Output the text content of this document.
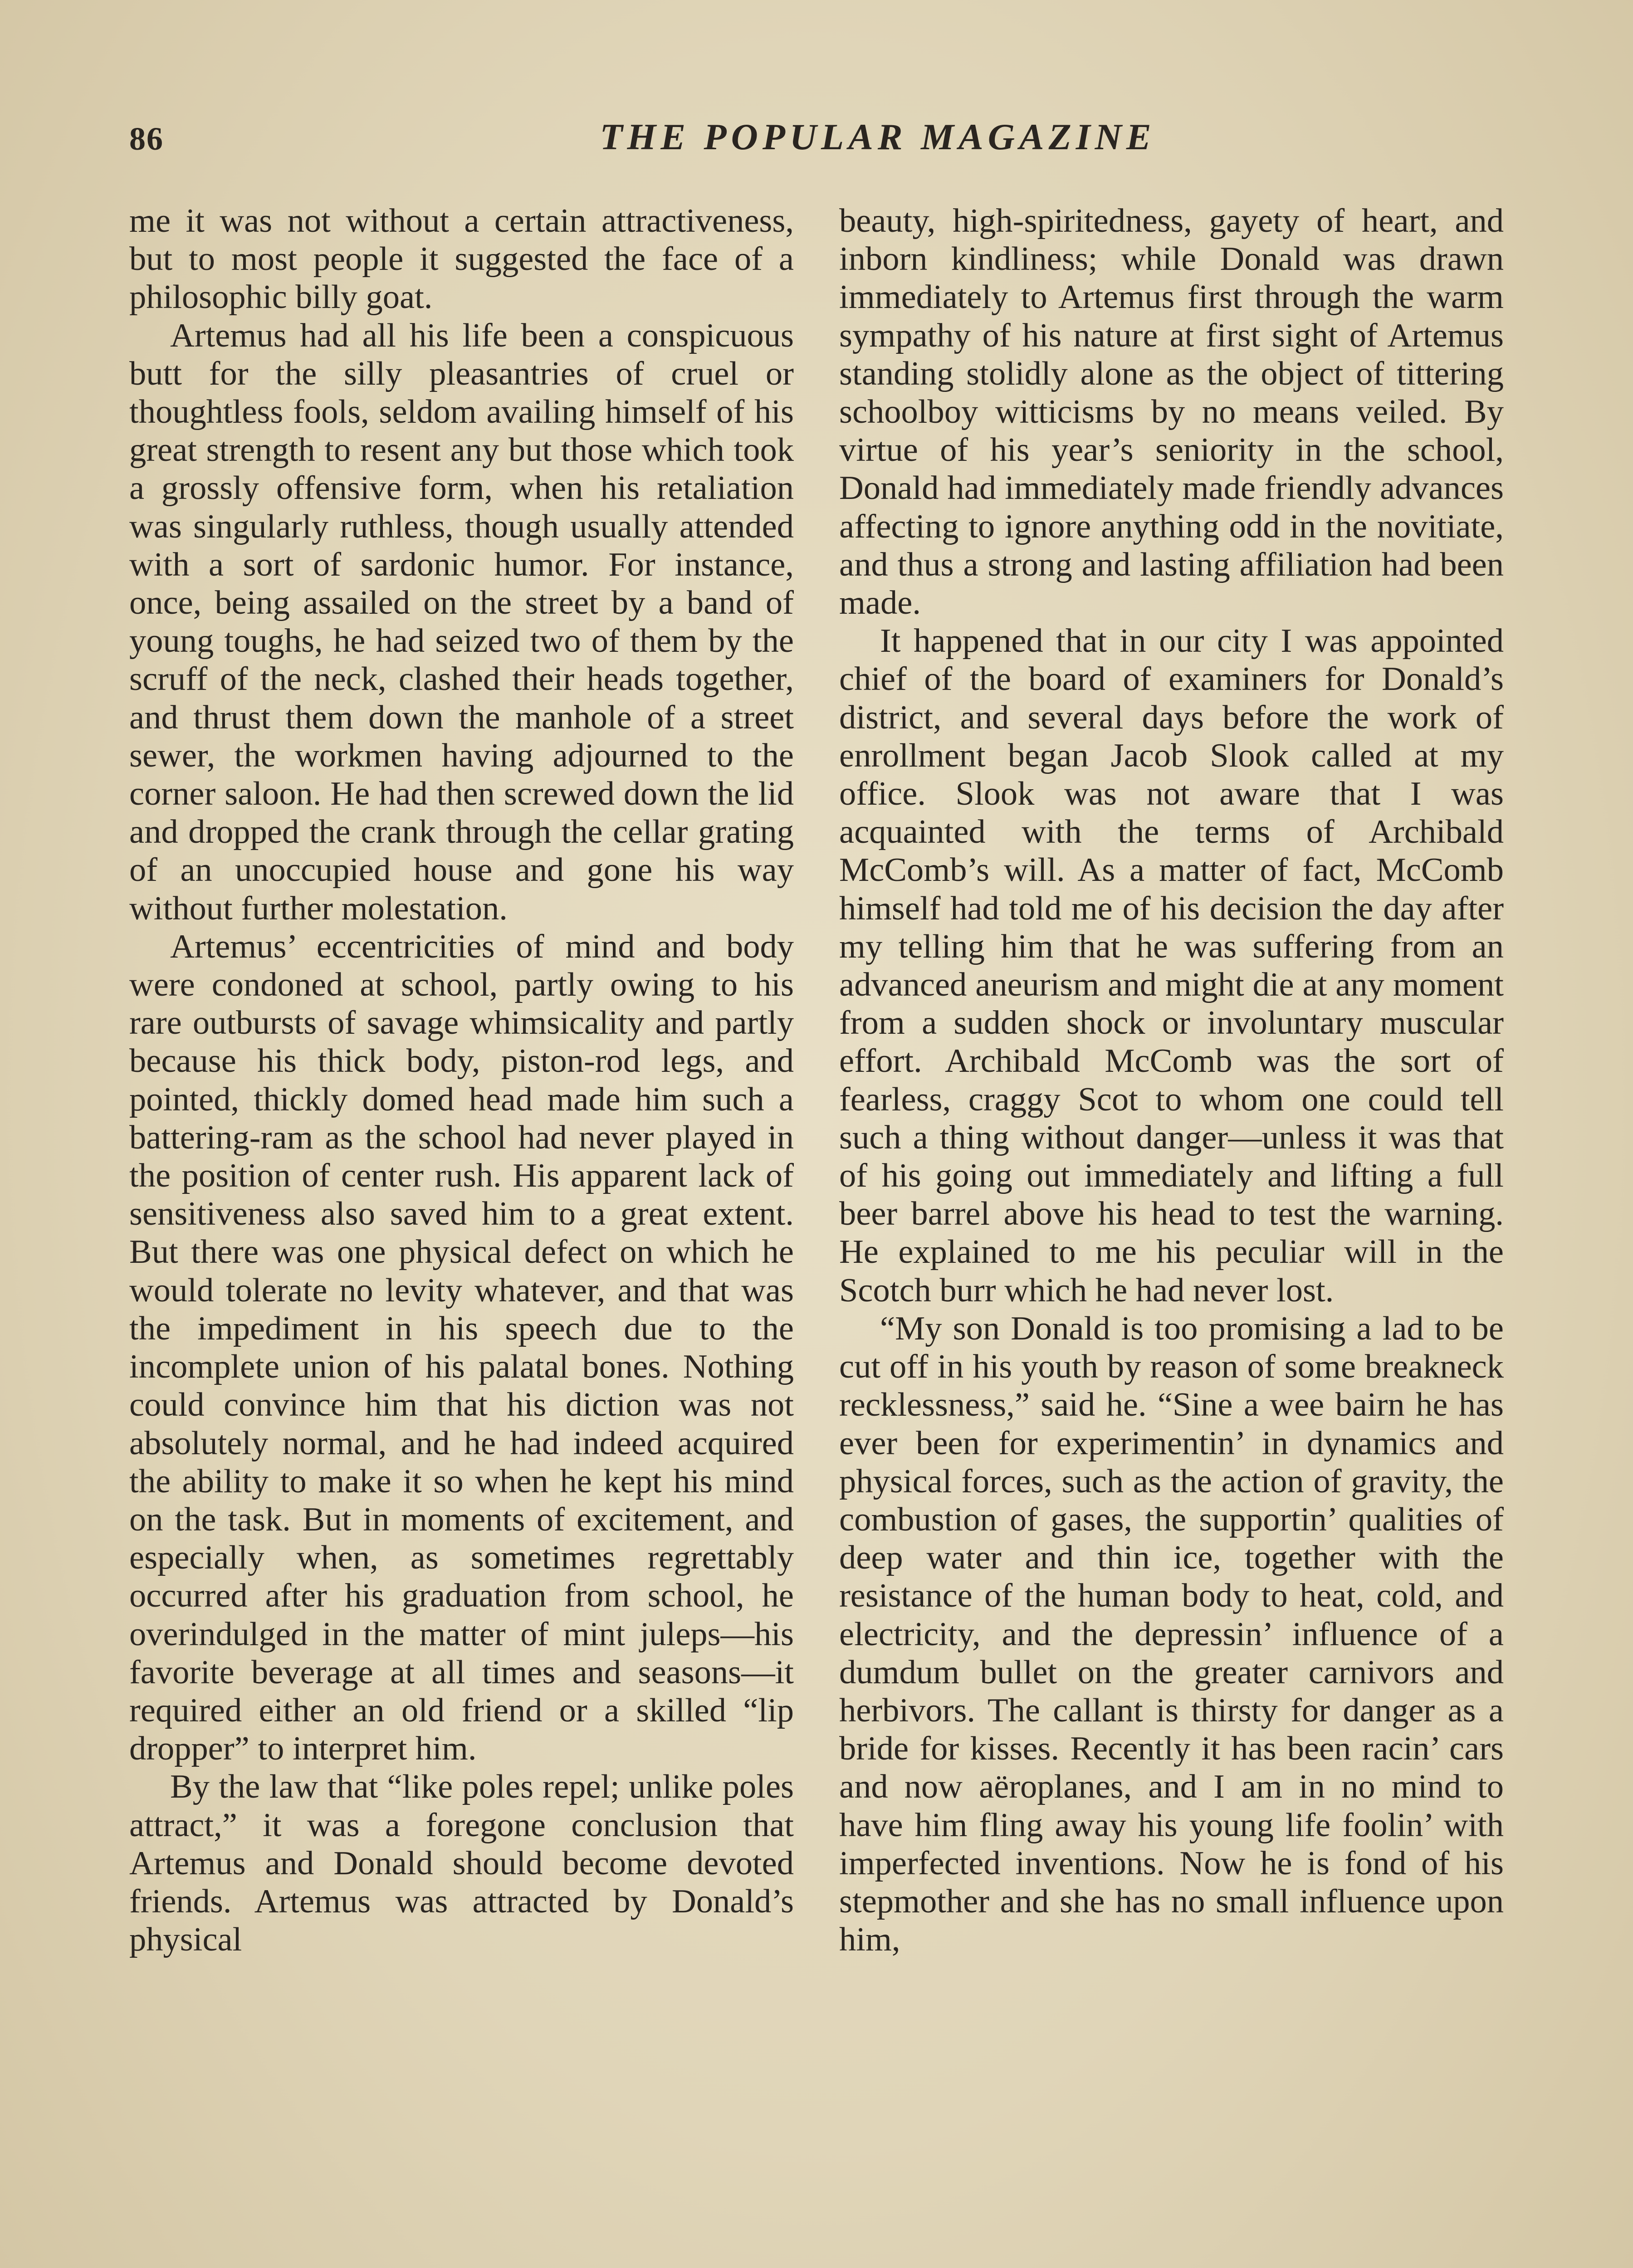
86	THE POPULAR MAGAZINE

me it was not without a certain attractiveness, but to most people it suggested the face of a philosophic billy goat.

Artemus had all his life been a conspicuous butt for the silly pleasantries of cruel or thoughtless fools, seldom availing himself of his great strength to resent any but those which took a grossly offensive form, when his retaliation was singularly ruthless, though usually attended with a sort of sardonic humor. For instance, once, being assailed on the street by a band of young toughs, he had seized two of them by the scruff of the neck, clashed their heads together, and thrust them down the manhole of a street sewer, the workmen having adjourned to the corner saloon. He had then screwed down the lid and dropped the crank through the cellar grating of an unoccupied house and gone his way without further molestation.

Artemus’ eccentricities of mind and body were condoned at school, partly owing to his rare outbursts of savage whimsicality and partly because his thick body, piston-rod legs, and pointed, thickly domed head made him such a battering-ram as the school had never played in the position of center rush. His apparent lack of sensitiveness also saved him to a great extent. But there was one physical defect on which he would tolerate no levity whatever, and that was the impediment in his speech due to the incomplete union of his palatal bones. Nothing could convince him that his diction was not absolutely normal, and he had indeed acquired the ability to make it so when he kept his mind on the task. But in moments of excitement, and especially when, as sometimes regrettably occurred after his graduation from school, he overindulged in the matter of mint juleps—his favorite beverage at all times and seasons—it required either an old friend or a skilled “lip dropper” to interpret him.

By the law that “like poles repel; unlike poles attract,” it was a foregone conclusion that Artemus and Donald should become devoted friends. Artemus was attracted by Donald’s physical

beauty, high-spiritedness, gayety of heart, and inborn kindliness; while Donald was drawn immediately to Artemus first through the warm sympathy of his nature at first sight of Artemus standing stolidly alone as the object of tittering schoolboy witticisms by no means veiled. By virtue of his year’s seniority in the school, Donald had immediately made friendly advances affecting to ignore anything odd in the novitiate, and thus a strong and lasting affiliation had been made.

It happened that in our city I was appointed chief of the board of examiners for Donald’s district, and several days before the work of enrollment began Jacob Slook called at my office. Slook was not aware that I was acquainted with the terms of Archibald McComb’s will. As a matter of fact, McComb himself had told me of his decision the day after my telling him that he was suffering from an advanced aneurism and might die at any moment from a sudden shock or involuntary muscular effort. Archibald McComb was the sort of fearless, craggy Scot to whom one could tell such a thing without danger—unless it was that of his going out immediately and lifting a full beer barrel above his head to test the warning. He explained to me his peculiar will in the Scotch burr which he had never lost.

“My son Donald is too promising a lad to be cut off in his youth by reason of some breakneck recklessness,” said he. “Sine a wee bairn he has ever been for experimentin’ in dynamics and physical forces, such as the action of gravity, the combustion of gases, the supportin’ qualities of deep water and thin ice, together with the resistance of the human body to heat, cold, and electricity, and the depressin’ influence of a dumdum bullet on the greater carnivors and herbivors. The callant is thirsty for danger as a bride for kisses. Recently it has been racin’ cars and now aëroplanes, and I am in no mind to have him fling away his young life foolin’ with imperfected inventions. Now he is fond of his stepmother and she has no small influence upon him,
